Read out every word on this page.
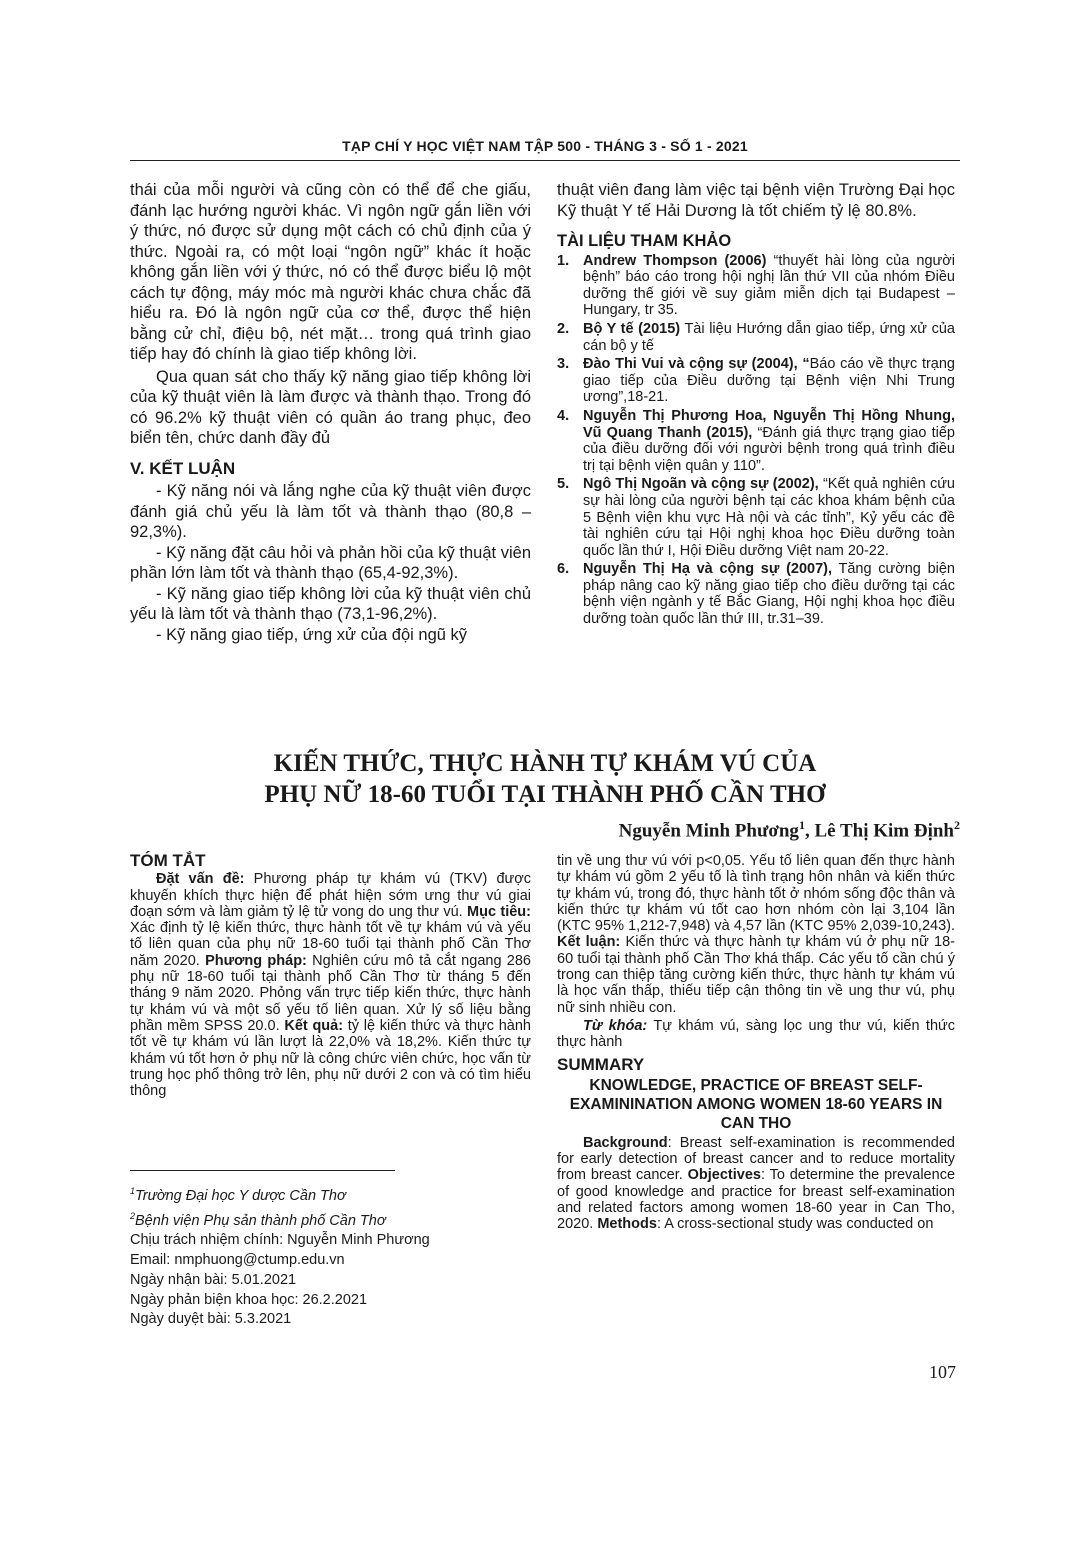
TẠP CHÍ Y HỌC VIỆT NAM TẬP 500 - THÁNG 3 - SỐ 1 - 2021

thái của mỗi người và cũng còn có thể để che giấu, đánh lạc hướng người khác. Vì ngôn ngữ gắn liền với ý thức, nó được sử dụng một cách có chủ định của ý thức. Ngoài ra, có một loại “ngôn ngữ” khác ít hoặc không gắn liền với ý thức, nó có thể được biểu lộ một cách tự động, máy móc mà người khác chưa chắc đã hiểu ra. Đó là ngôn ngữ của cơ thể, được thể hiện bằng cử chỉ, điệu bộ, nét mặt… trong quá trình giao tiếp hay đó chính là giao tiếp không lời.

Qua quan sát cho thấy kỹ năng giao tiếp không lời của kỹ thuật viên là làm được và thành thạo. Trong đó có 96.2% kỹ thuật viên có quần áo trang phục, đeo biển tên, chức danh đầy đủ

V. KẾT LUẬN

- Kỹ năng nói và lắng nghe của kỹ thuật viên được đánh giá chủ yếu là làm tốt và thành thạo (80,8 – 92,3%).

- Kỹ năng đặt câu hỏi và phản hồi của kỹ thuật viên phần lớn làm tốt và thành thạo (65,4-92,3%).

- Kỹ năng giao tiếp không lời của kỹ thuật viên chủ yếu là làm tốt và thành thạo (73,1-96,2%).

- Kỹ năng giao tiếp, ứng xử của đội ngũ kỹ

thuật viên đang làm việc tại bệnh viện Trường Đại học Kỹ thuật Y tế Hải Dương là tốt chiếm tỷ lệ 80.8%.

TÀI LIỆU THAM KHẢO
1. Andrew Thompson (2006) “thuyết hài lòng của người bệnh” báo cáo trong hội nghị lần thứ VII của nhóm Điều dưỡng thế giới về suy giảm miễn dịch tại Budapest – Hungary, tr 35.
2. Bộ Y tế (2015) Tài liệu Hướng dẫn giao tiếp, ứng xử của cán bộ y tế
3. Đào Thi Vui và cộng sự (2004), “Báo cáo về thực trạng giao tiếp của Điều dưỡng tại Bệnh viện Nhi Trung ương”,18-21.
4. Nguyễn Thị Phương Hoa, Nguyễn Thị Hồng Nhung, Vũ Quang Thanh (2015), “Đánh giá thực trạng giao tiếp của điều dưỡng đối với người bệnh trong quá trình điều trị tại bệnh viện quân y 110”.
5. Ngô Thị Ngoãn và cộng sự (2002), “Kết quả nghiên cứu sự hài lòng của người bệnh tại các khoa khám bệnh của 5 Bệnh viện khu vực Hà nội và các tỉnh”, Kỷ yếu các đề tài nghiên cứu tại Hội nghị khoa học Điều dưỡng toàn quốc lần thứ I, Hội Điều dưỡng Việt nam 20-22.
6. Nguyễn Thị Hạ và cộng sự (2007), Tăng cường biện pháp nâng cao kỹ năng giao tiếp cho điều dưỡng tại các bệnh viện ngành y tế Bắc Giang, Hội nghị khoa học điều dưỡng toàn quốc lần thứ III, tr.31–39.
KIẾN THỨC, THỰC HÀNH TỰ KHÁM VÚ CỦA
PHỤ NỮ 18-60 TUỔI TẠI THÀNH PHỐ CẦN THƠ
Nguyễn Minh Phương$^1$, Lê Thị Kim Định$^2$
TÓM TẮT

Đặt vấn đề: Phương pháp tự khám vú (TKV) được khuyến khích thực hiện để phát hiện sớm ưng thư vú giai đoạn sớm và làm giảm tỷ lệ tử vong do ung thư vú. Mục tiêu: Xác định tỷ lệ kiến thức, thực hành tốt về tự khám vú và yếu tố liên quan của phụ nữ 18-60 tuổi tại thành phố Cần Thơ năm 2020. Phương pháp: Nghiên cứu mô tả cắt ngang 286 phụ nữ 18-60 tuổi tại thành phố Cần Thơ từ tháng 5 đến tháng 9 năm 2020. Phỏng vấn trực tiếp kiến thức, thực hành tự khám vú và một số yếu tố liên quan. Xử lý số liệu bằng phần mềm SPSS 20.0. Kết quả: tỷ lệ kiến thức và thực hành tốt về tự khám vú lần lượt là 22,0% và 18,2%. Kiến thức tự khám vú tốt hơn ở phụ nữ là công chức viên chức, học vấn từ trung học phổ thông trở lên, phụ nữ dưới 2 con và có tìm hiểu thông

tin về ung thư vú với p<0,05. Yếu tố liên quan đến thực hành tự khám vú gồm 2 yếu tố là tình trạng hôn nhân và kiến thức tự khám vú, trong đó, thực hành tốt ở nhóm sống độc thân và kiến thức tự khám vú tốt cao hơn nhóm còn lại 3,104 lần (KTC 95% 1,212-7,948) và 4,57 lần (KTC 95% 2,039-10,243). Kết luận: Kiến thức và thực hành tự khám vú ở phụ nữ 18-60 tuổi tại thành phố Cần Thơ khá thấp. Các yếu tố cần chú ý trong can thiệp tăng cường kiến thức, thực hành tự khám vú là học vấn thấp, thiếu tiếp cận thông tin về ung thư vú, phụ nữ sinh nhiều con.

Từ khóa: Tự khám vú, sàng lọc ung thư vú, kiến thức thực hành

SUMMARY
KNOWLEDGE, PRACTICE OF BREAST SELF-EXAMININATION AMONG WOMEN 18-60 YEARS IN CAN THO

Background: Breast self-examination is recommended for early detection of breast cancer and to reduce mortality from breast cancer. Objectives: To determine the prevalence of good knowledge and practice for breast self-examination and related factors among women 18-60 year in Can Tho, 2020. Methods: A cross-sectional study was conducted on

$^1$Trường Đại học Y dược Cần Thơ
$^2$Bệnh viện Phụ sản thành phố Cần Thơ
Chịu trách nhiệm chính: Nguyễn Minh Phương
Email: nmphuong@ctump.edu.vn
Ngày nhận bài: 5.01.2021
Ngày phản biện khoa học: 26.2.2021
Ngày duyệt bài: 5.3.2021
107
